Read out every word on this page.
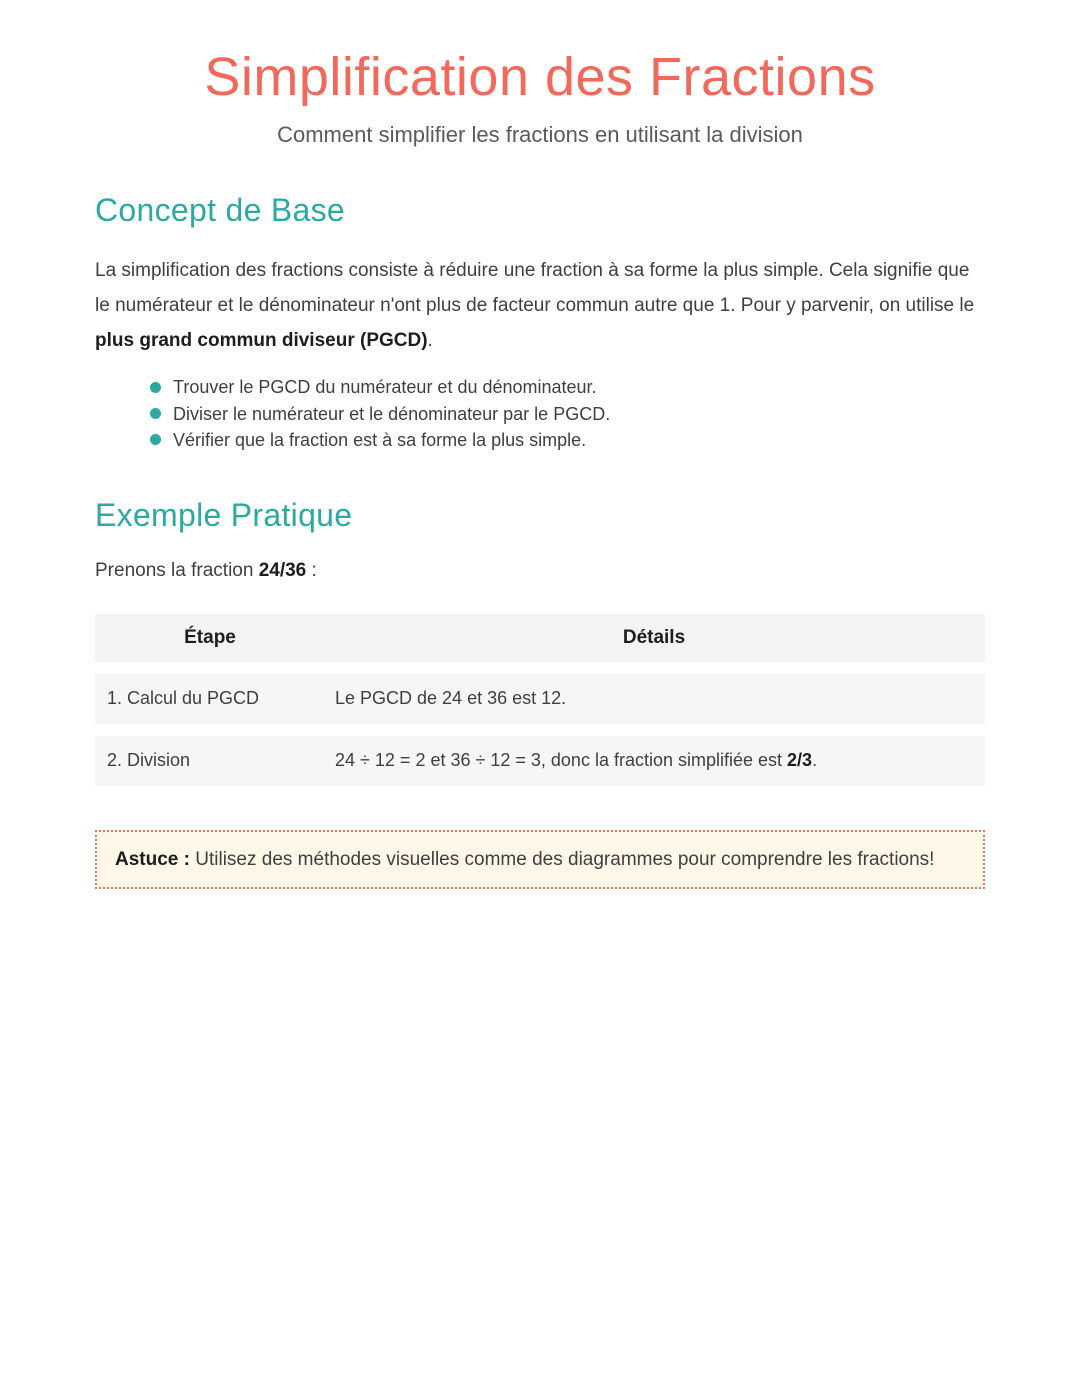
Simplification des Fractions
Comment simplifier les fractions en utilisant la division
Concept de Base

La simplification des fractions consiste à réduire une fraction à sa forme la plus simple. Cela signifie que le numérateur et le dénominateur n'ont plus de facteur commun autre que 1. Pour y parvenir, on utilise le plus grand commun diviseur (PGCD).

Trouver le PGCD du numérateur et du dénominateur.
Diviser le numérateur et le dénominateur par le PGCD.
Vérifier que la fraction est à sa forme la plus simple.
Exemple Pratique

Prenons la fraction 24/36 :

Étape	Détails
1. Calcul du PGCD	Le PGCD de 24 et 36 est 12.
2. Division	24 ÷ 12 = 2 et 36 ÷ 12 = 3, donc la fraction simplifiée est 2/3.
Astuce : Utilisez des méthodes visuelles comme des diagrammes pour comprendre les fractions!
